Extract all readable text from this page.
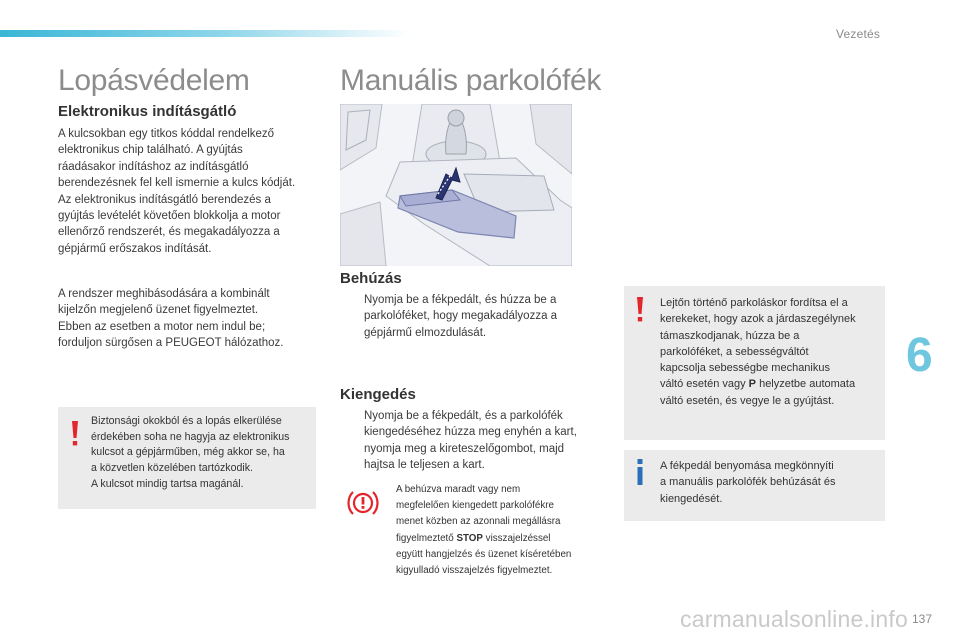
Vezetés
Lopásvédelem
Elektronikus indításgátló
A kulcsokban egy titkos kóddal rendelkező
elektronikus chip található. A gyújtás
ráadásakor indításhoz az indításgátló
berendezésnek fel kell ismernie a kulcs kódját.
Az elektronikus indításgátló berendezés a
gyújtás levételét követően blokkolja a motor
ellenőrző rendszerét, és megakadályozza a
gépjármű erőszakos indítását.
A rendszer meghibásodására a kombinált
kijelzőn megjelenő üzenet figyelmeztet.
Ebben az esetben a motor nem indul be;
forduljon sürgősen a PEUGEOT hálózathoz.
Biztonsági okokból és a lopás elkerülése
érdekében soha ne hagyja az elektronikus
kulcsot a gépjárműben, még akkor se, ha
a közvetlen közelében tartózkodik.
A kulcsot mindig tartsa magánál.
Manuális parkolófék
Behúzás
Nyomja be a fékpedált, és húzza be a
parkolóféket, hogy megakadályozza a
gépjármű elmozdulását.
Kiengedés
Nyomja be a fékpedált, és a parkolófék
kiengedéséhez húzza meg enyhén a kart,
nyomja meg a kireteszelőgombot, majd
hajtsa le teljesen a kart.
A behúzva maradt vagy nem
megfelelően kiengedett parkolófékre
menet közben az azonnali megállásra
figyelmeztető STOP visszajelzéssel
együtt hangjelzés és üzenet kíséretében
kigyulladó visszajelzés figyelmeztet.
Lejtőn történő parkoláskor fordítsa el a
kerekeket, hogy azok a járdaszegélynek
támaszkodjanak, húzza be a
parkolóféket, a sebességváltót
kapcsolja sebességbe mechanikus
váltó esetén vagy P helyzetbe automata
váltó esetén, és vegye le a gyújtást.
A fékpedál benyomása megkönnyíti
a manuális parkolófék behúzását és
kiengedését.
6
carmanualsonline.info 137
